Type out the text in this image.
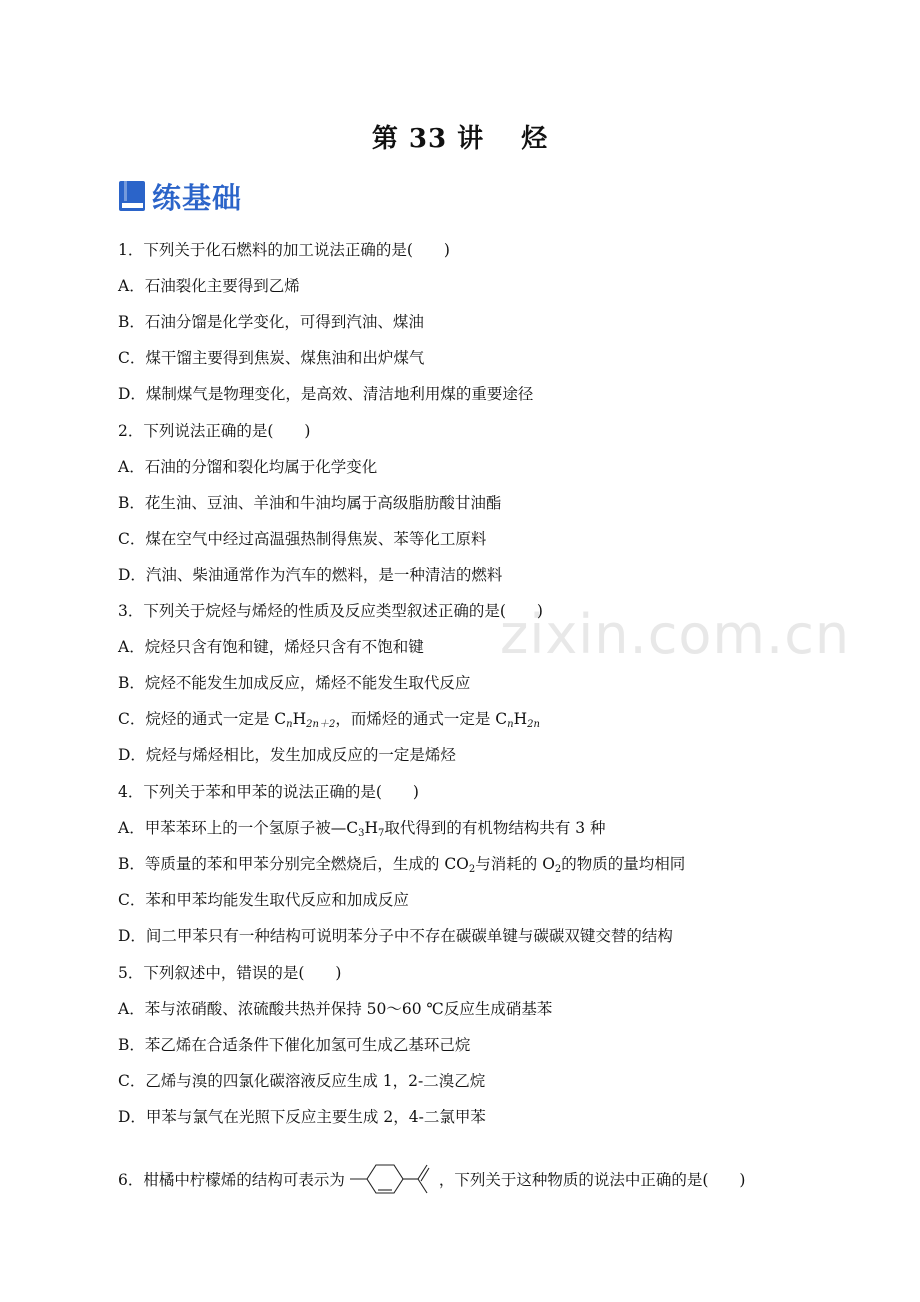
第 33 讲　 烃
练基础
zixin.com.cn
1．下列关于化石燃料的加工说法正确的是(　　)
A．石油裂化主要得到乙烯
B．石油分馏是化学变化，可得到汽油、煤油
C．煤干馏主要得到焦炭、煤焦油和出炉煤气
D．煤制煤气是物理变化，是高效、清洁地利用煤的重要途径
2．下列说法正确的是(　　)
A．石油的分馏和裂化均属于化学变化
B．花生油、豆油、羊油和牛油均属于高级脂肪酸甘油酯
C．煤在空气中经过高温强热制得焦炭、苯等化工原料
D．汽油、柴油通常作为汽车的燃料，是一种清洁的燃料
3．下列关于烷烃与烯烃的性质及反应类型叙述正确的是(　　)
A．烷烃只含有饱和键，烯烃只含有不饱和键
B．烷烃不能发生加成反应，烯烃不能发生取代反应
C．烷烃的通式一定是 $C_nH_{2n+2}$，而烯烃的通式一定是 $C_nH_{2n}$
D．烷烃与烯烃相比，发生加成反应的一定是烯烃
4．下列关于苯和甲苯的说法正确的是(　　)
A．甲苯苯环上的一个氢原子被$—C_3H_7$取代得到的有机物结构共有 3 种
B．等质量的苯和甲苯分别完全燃烧后，生成的 $CO_2$与消耗的 $O_2$的物质的量均相同
C．苯和甲苯均能发生取代反应和加成反应
D．间二甲苯只有一种结构可说明苯分子中不存在碳碳单键与碳碳双键交替的结构
5．下列叙述中，错误的是(　　)
A．苯与浓硝酸、浓硫酸共热并保持 50～60 ℃反应生成硝基苯
B．苯乙烯在合适条件下催化加氢可生成乙基环己烷
C．乙烯与溴的四氯化碳溶液反应生成 1，2-二溴乙烷
D．甲苯与氯气在光照下反应主要生成 2，4-二氯甲苯
6．柑橘中柠檬烯的结构可表示为	，下列关于这种物质的说法中正确的是(　　)
